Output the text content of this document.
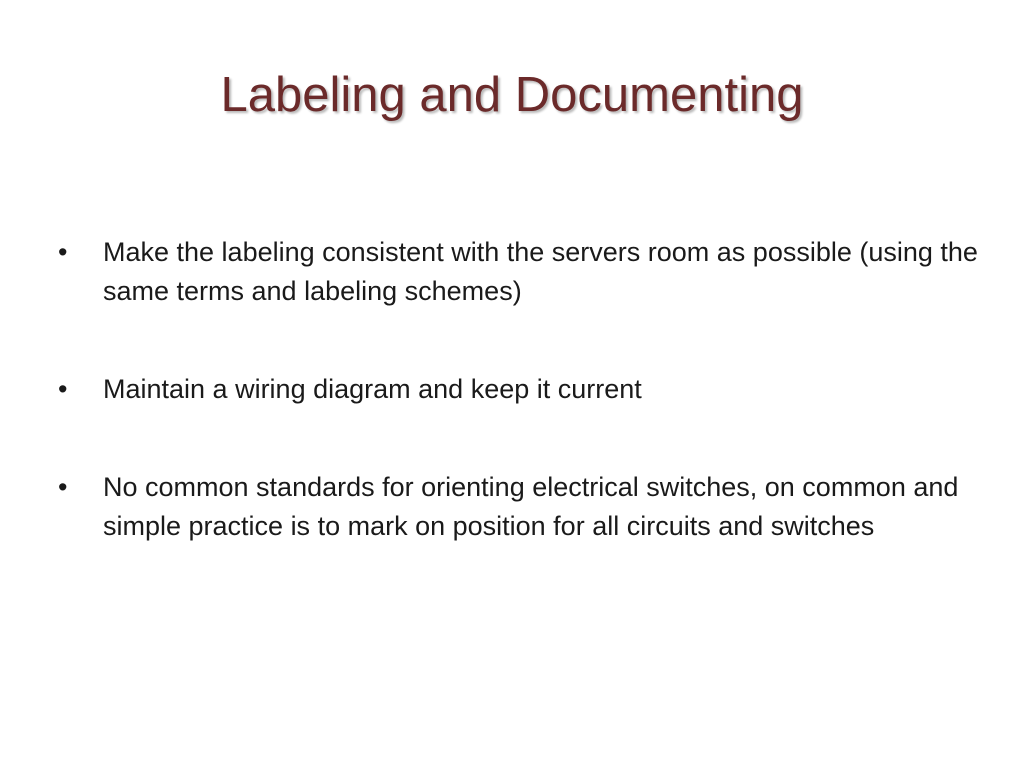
Labeling and Documenting
•	Make the labeling consistent with the servers room as possible (using the same terms and labeling schemes)
•	Maintain a wiring diagram and keep it current
•	No common standards for orienting electrical switches, on common and simple practice is to mark on position for all circuits and switches
